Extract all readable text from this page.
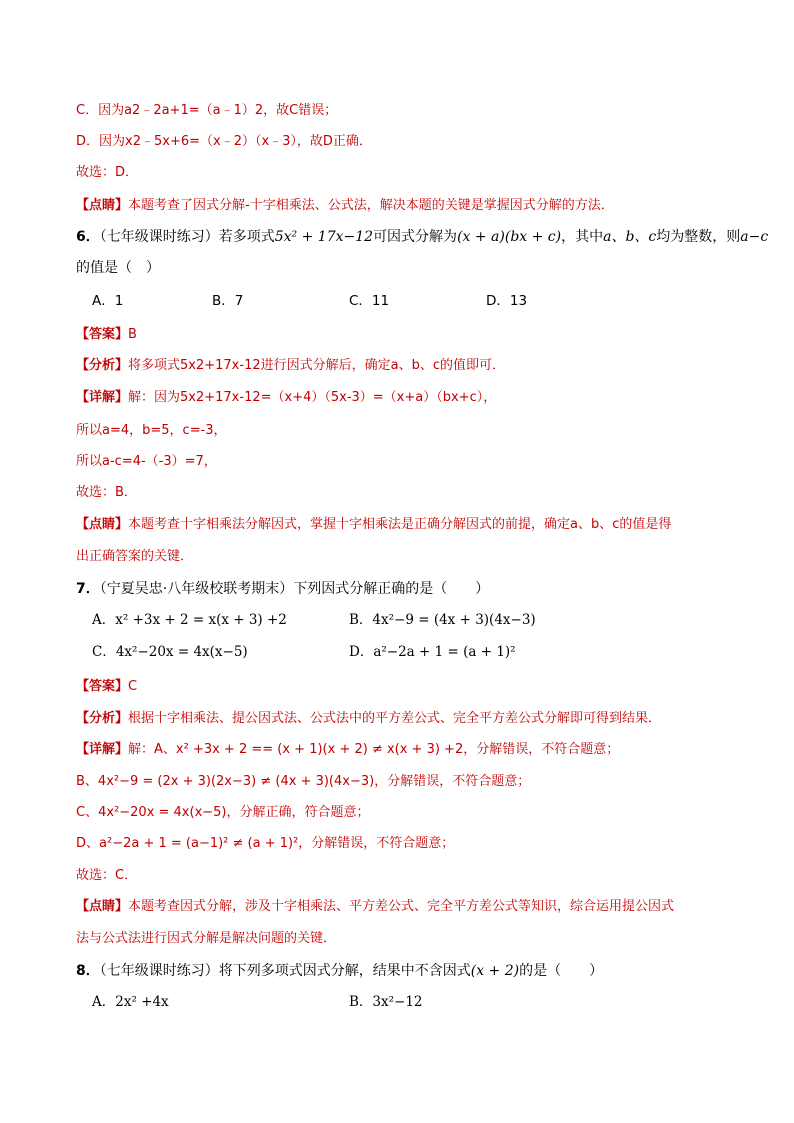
C．因为a2﹣2a+1=（a﹣1）2，故C错误；
D．因为x2﹣5x+6=（x﹣2）（x﹣3），故D正确．
故选：D．
【点睛】本题考查了因式分解-十字相乘法、公式法，解决本题的关键是掌握因式分解的方法．
6．（七年级课时练习）若多项式5x² + 17x−12可因式分解为(x + a)(bx + c)，其中a、b、c均为整数，则a−c
的值是（　）
A．1	B．7	C．11	D．13
【答案】B
【分析】将多项式5x2+17x-12进行因式分解后，确定a、b、c的值即可．
【详解】解：因为5x2+17x-12=（x+4）（5x-3）=（x+a）（bx+c），
所以a=4，b=5，c=-3，
所以a-c=4-（-3）=7，
故选：B．
【点睛】本题考查十字相乘法分解因式，掌握十字相乘法是正确分解因式的前提，确定a、b、c的值是得
出正确答案的关键．
7．（宁夏吴忠·八年级校联考期末）下列因式分解正确的是（　　）
A．x² +3x + 2 = x(x + 3) +2	B．4x²−9 = (4x + 3)(4x−3)
C．4x²−20x = 4x(x−5)	D．a²−2a + 1 = (a + 1)²
【答案】C
【分析】根据十字相乘法、提公因式法、公式法中的平方差公式、完全平方差公式分解即可得到结果．
【详解】解：A、x² +3x + 2 == (x + 1)(x + 2) ≠ x(x + 3) +2，分解错误，不符合题意；
B、4x²−9 = (2x + 3)(2x−3) ≠ (4x + 3)(4x−3)，分解错误，不符合题意；
C、4x²−20x = 4x(x−5)，分解正确，符合题意；
D、a²−2a + 1 = (a−1)² ≠ (a + 1)²，分解错误，不符合题意；
故选：C．
【点睛】本题考查因式分解，涉及十字相乘法、平方差公式、完全平方差公式等知识，综合运用提公因式
法与公式法进行因式分解是解决问题的关键．
8．（七年级课时练习）将下列多项式因式分解，结果中不含因式(x + 2)的是（　　）
A．2x² +4x	B．3x²−12
